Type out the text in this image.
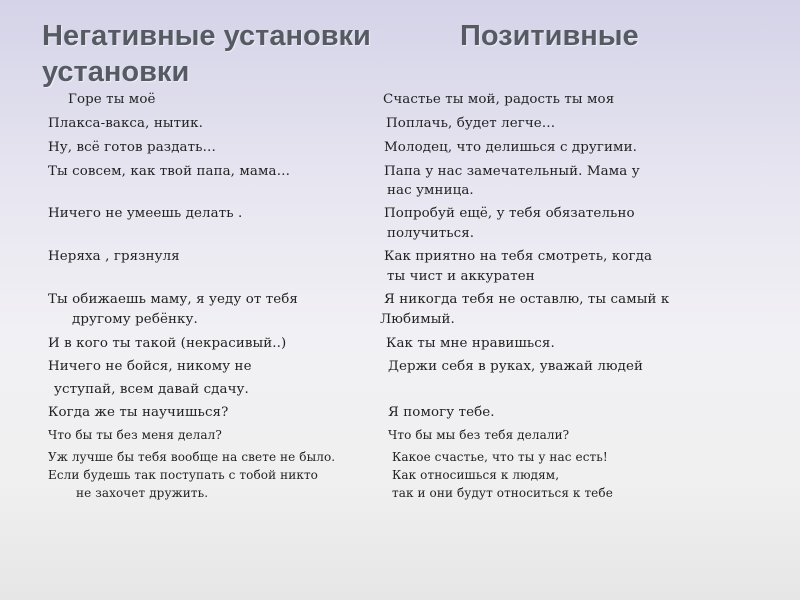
Негативные установки	Позитивные
установки
Горе ты моё
Плакса-вакса, нытик.
Ну, всё готов раздать…
Ты совсем, как твой папа, мама…
Ничего не умеешь делать .
Неряха , грязнуля
Ты обижаешь маму, я уеду от тебя
другому ребёнку.
И в кого ты такой (некрасивый..)
Ничего не бойся, никому не
уступай, всем давай сдачу.
Когда же ты научишься?
Что бы ты без меня делал?
Уж лучше бы тебя вообще на свете не было.
Если будешь так поступать с тобой никто
не захочет дружить.
Счастье ты мой, радость ты моя
Поплачь, будет легче…
Молодец, что делишься с другими.
Папа у нас замечательный. Мама у
нас умница.
Попробуй ещё, у тебя обязательно
получиться.
Как приятно на тебя смотреть, когда
ты чист и аккуратен
Я никогда тебя не оставлю, ты самый к
Любимый.
Как ты мне нравишься.
Держи себя в руках, уважай людей
Я помогу тебе.
Что бы мы без тебя делали?
Какое счастье, что ты у нас есть!
Как относишься к людям,
так и они будут относиться к тебе
